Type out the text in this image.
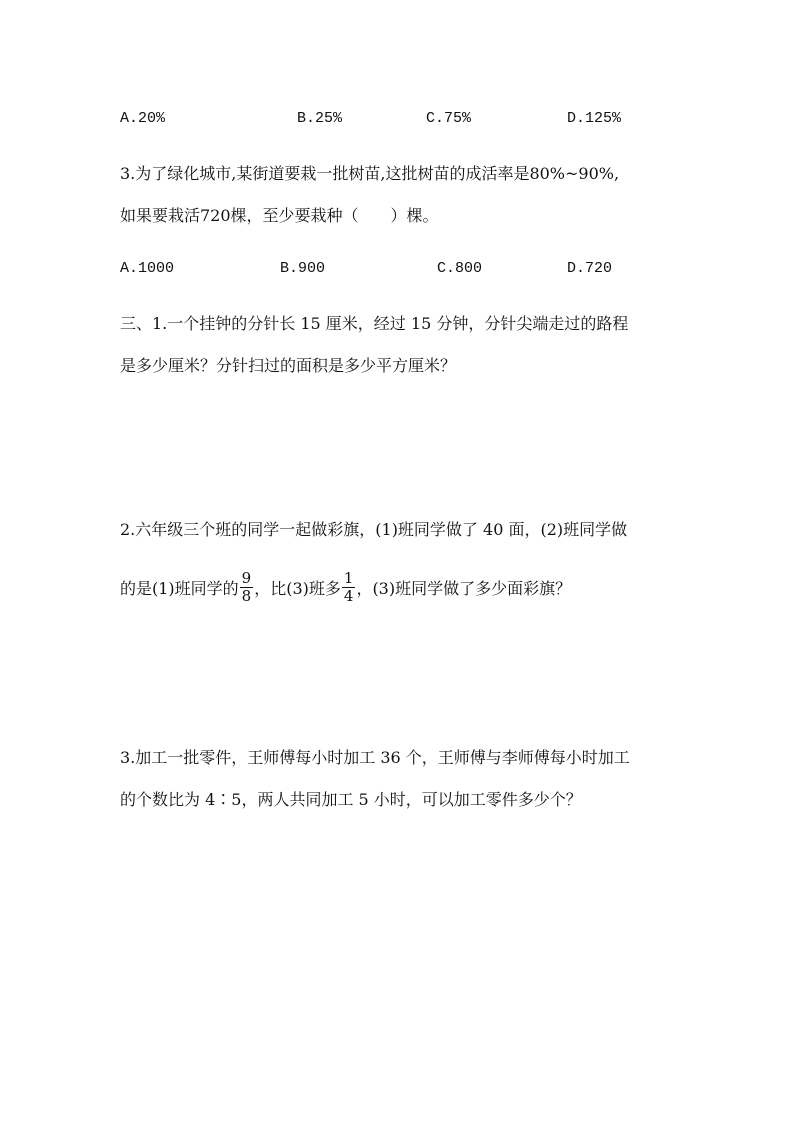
A.20%	B.25%	C.75%	D.125%
3.为了绿化城市,某街道要栽一批树苗,这批树苗的成活率是80%~90%,
如果要栽活720棵，至少要栽种（　　）棵。
A.1000	B.900	C.800	D.720
三、1.一个挂钟的分针长 15 厘米，经过 15 分钟，分针尖端走过的路程
是多少厘米？分针扫过的面积是多少平方厘米？
2.六年级三个班的同学一起做彩旗，(1)班同学做了 40 面，(2)班同学做
的是(1)班同学的 $\frac{9}{8}$ ，比(3)班多 $\frac{1}{4}$ ，(3)班同学做了多少面彩旗？
3.加工一批零件，王师傅每小时加工 36 个，王师傅与李师傅每小时加工
的个数比为 4∶5，两人共同加工 5 小时，可以加工零件多少个？
